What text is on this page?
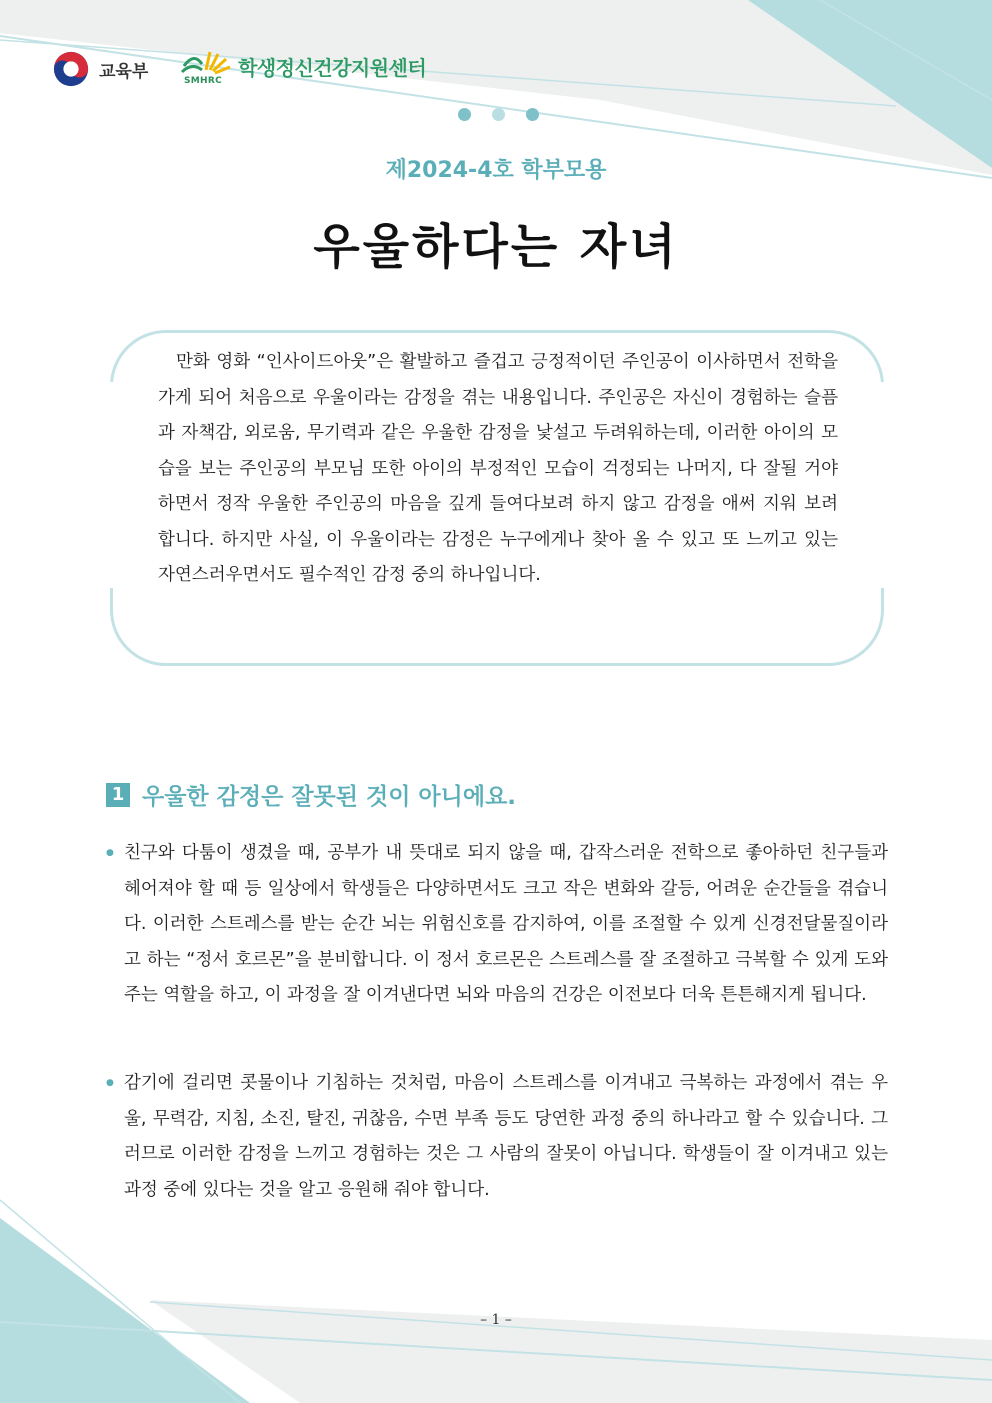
교육부	SMHRC
학생정신건강지원센터
제2024-4호 학부모용
우울하다는 자녀

만화 영화 “인사이드아웃”은 활발하고 즐겁고 긍정적이던 주인공이 이사하면서 전학을 가게 되어 처음으로 우울이라는 감정을 겪는 내용입니다. 주인공은 자신이 경험하는 슬픔과 자책감, 외로움, 무기력과 같은 우울한 감정을 낯설고 두려워하는데, 이러한 아이의 모습을 보는 주인공의 부모님 또한 아이의 부정적인 모습이 걱정되는 나머지, 다 잘될 거야 하면서 정작 우울한 주인공의 마음을 깊게 들여다보려 하지 않고 감정을 애써 지워 보려 합니다. 하지만 사실, 이 우울이라는 감정은 누구에게나 찾아 올 수 있고 또 느끼고 있는 자연스러우면서도 필수적인 감정 중의 하나입니다.

1 우울한 감정은 잘못된 것이 아니에요.
● 친구와 다툼이 생겼을 때, 공부가 내 뜻대로 되지 않을 때, 갑작스러운 전학으로 좋아하던 친구들과 헤어져야 할 때 등 일상에서 학생들은 다양하면서도 크고 작은 변화와 갈등, 어려운 순간들을 겪습니다. 이러한 스트레스를 받는 순간 뇌는 위험신호를 감지하여, 이를 조절할 수 있게 신경전달물질이라고 하는 “정서 호르몬”을 분비합니다. 이 정서 호르몬은 스트레스를 잘 조절하고 극복할 수 있게 도와주는 역할을 하고, 이 과정을 잘 이겨낸다면 뇌와 마음의 건강은 이전보다 더욱 튼튼해지게 됩니다.

● 감기에 걸리면 콧물이나 기침하는 것처럼, 마음이 스트레스를 이겨내고 극복하는 과정에서 겪는 우울, 무력감, 지침, 소진, 탈진, 귀찮음, 수면 부족 등도 당연한 과정 중의 하나라고 할 수 있습니다. 그러므로 이러한 감정을 느끼고 경험하는 것은 그 사람의 잘못이 아닙니다. 학생들이 잘 이겨내고 있는 과정 중에 있다는 것을 알고 응원해 줘야 합니다.

– 1 –
